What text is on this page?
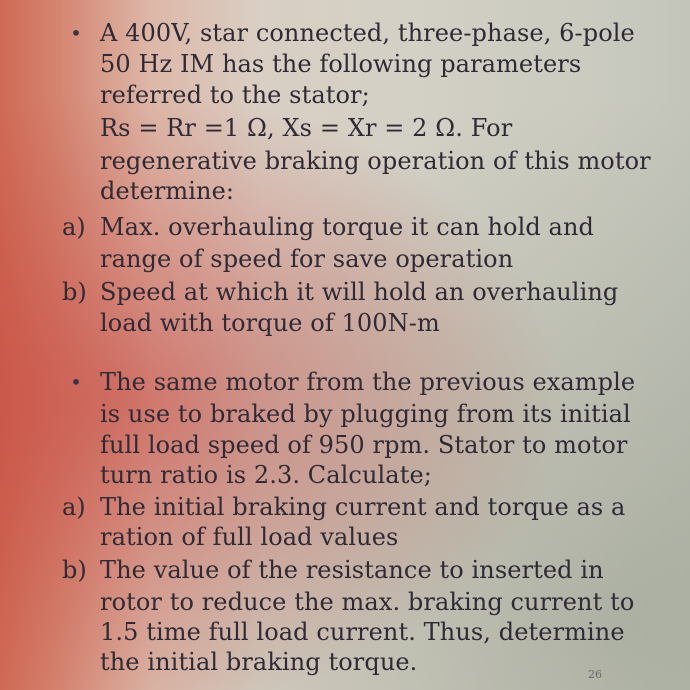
• A 400V, star connected, three-phase, 6-pole
50 Hz IM has the following parameters
referred to the stator;
Rs = Rr =1 Ω, Xs = Xr = 2 Ω. For
regenerative braking operation of this motor
determine:
a) Max. overhauling torque it can hold and
range of speed for save operation
b) Speed at which it will hold an overhauling
load with torque of 100N-m
• The same motor from the previous example
is use to braked by plugging from its initial
full load speed of 950 rpm. Stator to motor
turn ratio is 2.3. Calculate;
a) The initial braking current and torque as a
ration of full load values
b) The value of the resistance to inserted in
rotor to reduce the max. braking current to
1.5 time full load current. Thus, determine
the initial braking torque.	26
